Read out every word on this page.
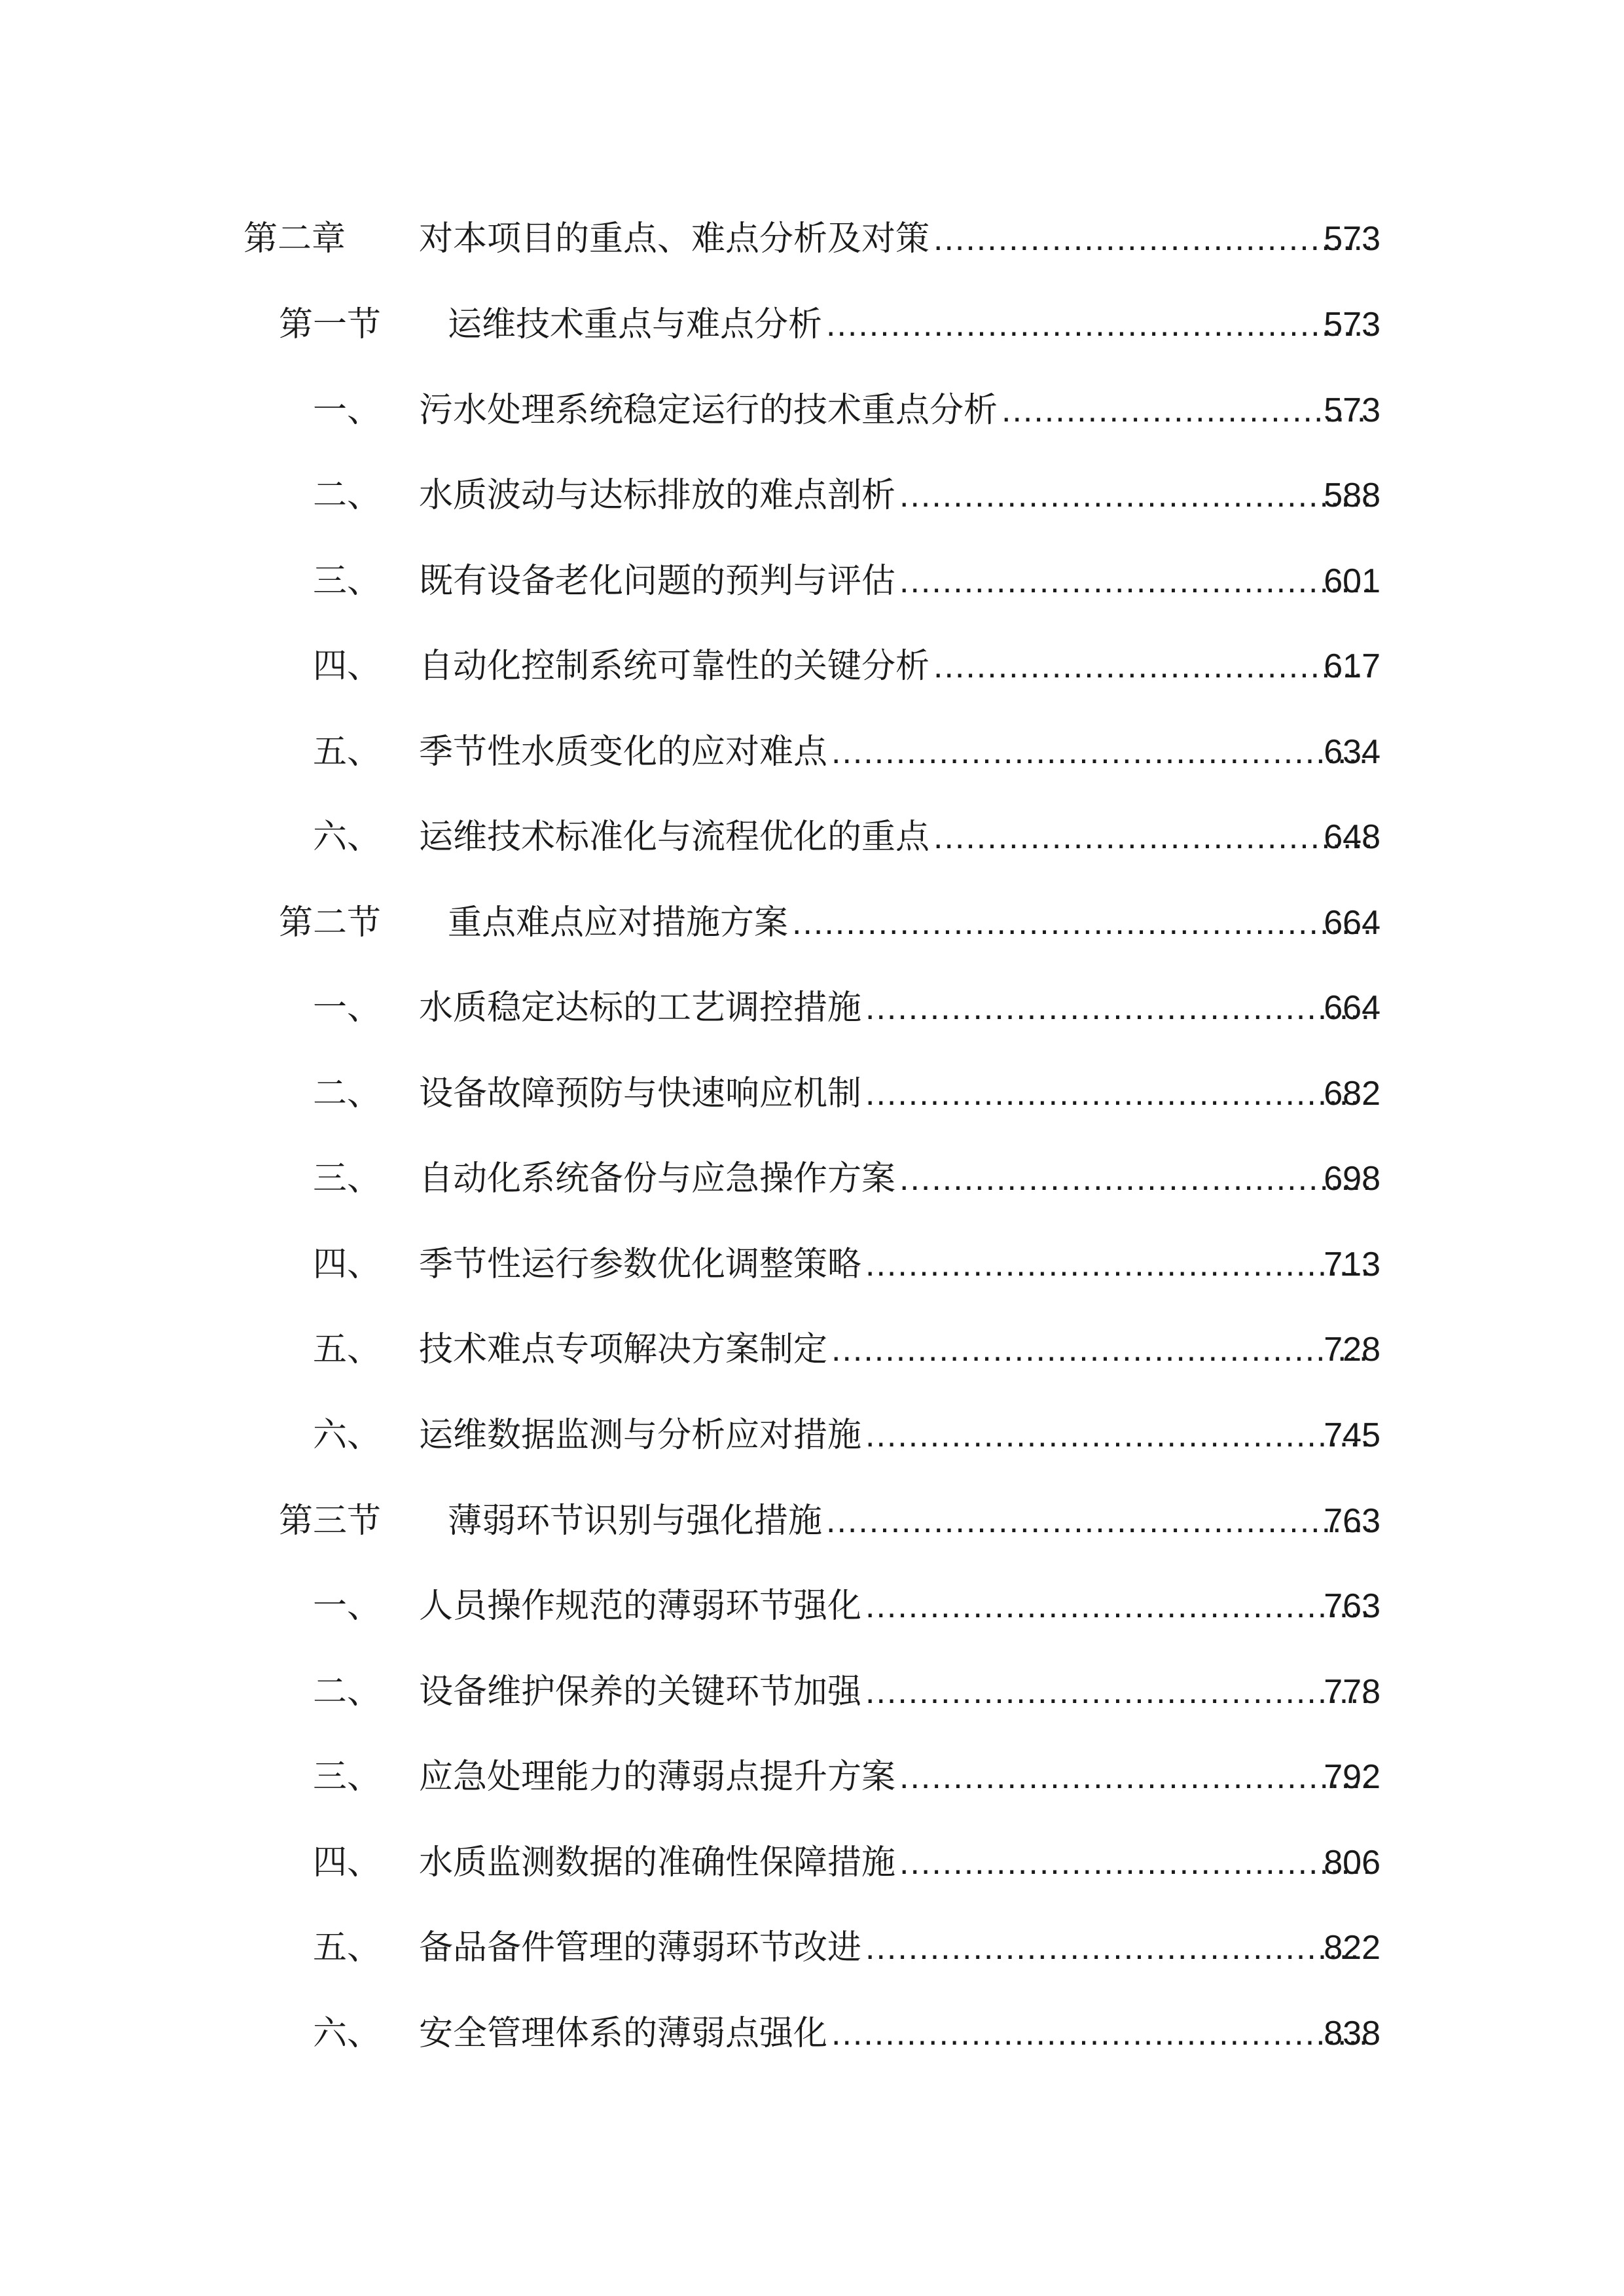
第二章 对本项目的重点、难点分析及对策 .....	573
第一节 运维技术重点与难点分析 .....	573
一、 污水处理系统稳定运行的技术重点分析 .....	573
二、 水质波动与达标排放的难点剖析 .....	588
三、 既有设备老化问题的预判与评估 .....	601
四、 自动化控制系统可靠性的关键分析 .....	617
五、 季节性水质变化的应对难点 .....	634
六、 运维技术标准化与流程优化的重点 .....	648
第二节 重点难点应对措施方案 .....	664
一、 水质稳定达标的工艺调控措施 .....	664
二、 设备故障预防与快速响应机制 .....	682
三、 自动化系统备份与应急操作方案 .....	698
四、 季节性运行参数优化调整策略 .....	713
五、 技术难点专项解决方案制定 .....	728
六、 运维数据监测与分析应对措施 .....	745
第三节 薄弱环节识别与强化措施 .....	763
一、 人员操作规范的薄弱环节强化 .....	763
二、 设备维护保养的关键环节加强 .....	778
三、 应急处理能力的薄弱点提升方案 .....	792
四、 水质监测数据的准确性保障措施 .....	806
五、 备品备件管理的薄弱环节改进 .....	822
六、 安全管理体系的薄弱点强化 .....	838
